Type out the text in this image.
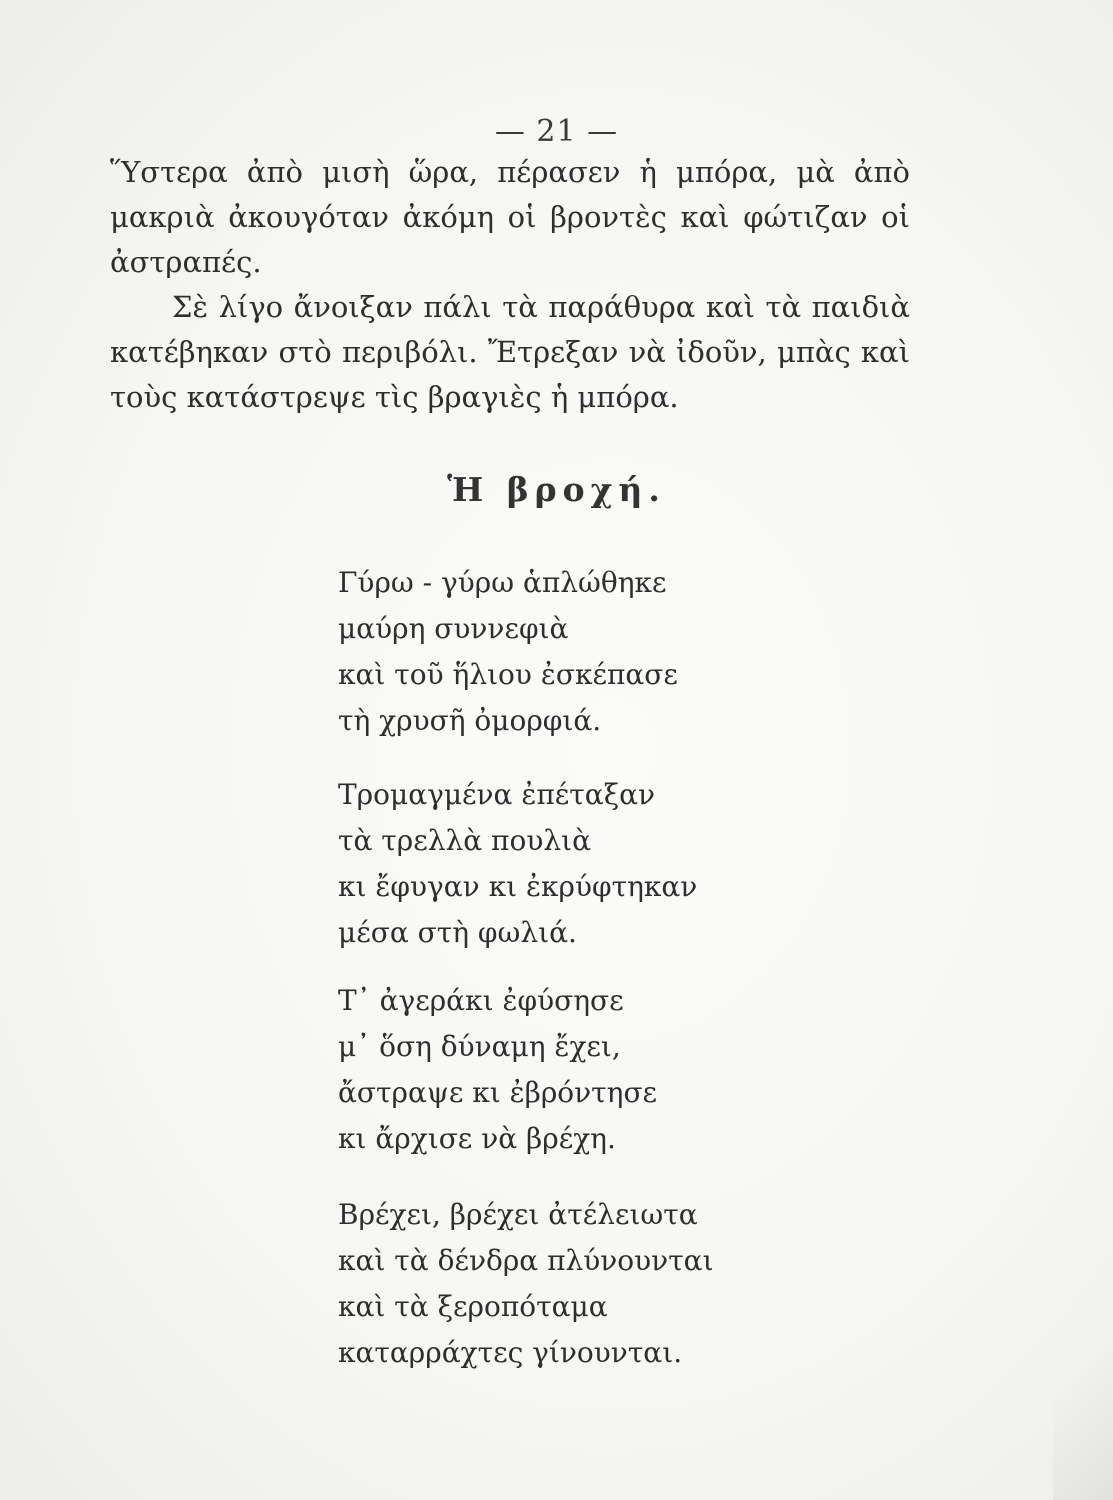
— 21 —
Ὕστερα ἀπὸ μισὴ ὥρα, πέρασεν ἡ μπόρα, μὰ ἀπὸ
μακριὰ ἀκουγόταν ἀκόμη οἱ βροντὲς καὶ φώτιζαν οἱ
ἀστραπές.
Σὲ λίγο ἄνοιξαν πάλι τὰ παράθυρα καὶ τὰ παιδιὰ
κατέβηκαν στὸ περιβόλι. Ἔτρεξαν νὰ ἰδοῦν, μπὰς καὶ
τοὺς κατάστρεψε τὶς βραγιὲς ἡ μπόρα.
Ἡ βροχή.
Γύρω - γύρω ἁπλώθηκε
μαύρη συννεφιὰ
καὶ τοῦ ἥλιου ἐσκέπασε
τὴ χρυσῆ ὀμορφιά.
Τρομαγμένα ἐπέταξαν
τὰ τρελλὰ πουλιὰ
κι ἔφυγαν κι ἐκρύφτηκαν
μέσα στὴ φωλιά.
Τ᾽ ἀγεράκι ἐφύσησε
μ᾽ ὅση δύναμη ἔχει,
ἄστραψε κι ἐβρόντησε
κι ἄρχισε νὰ βρέχη.
Βρέχει, βρέχει ἀτέλειωτα
καὶ τὰ δένδρα πλύνουνται
καὶ τὰ ξεροπόταμα
καταρράχτες γίνουνται.
